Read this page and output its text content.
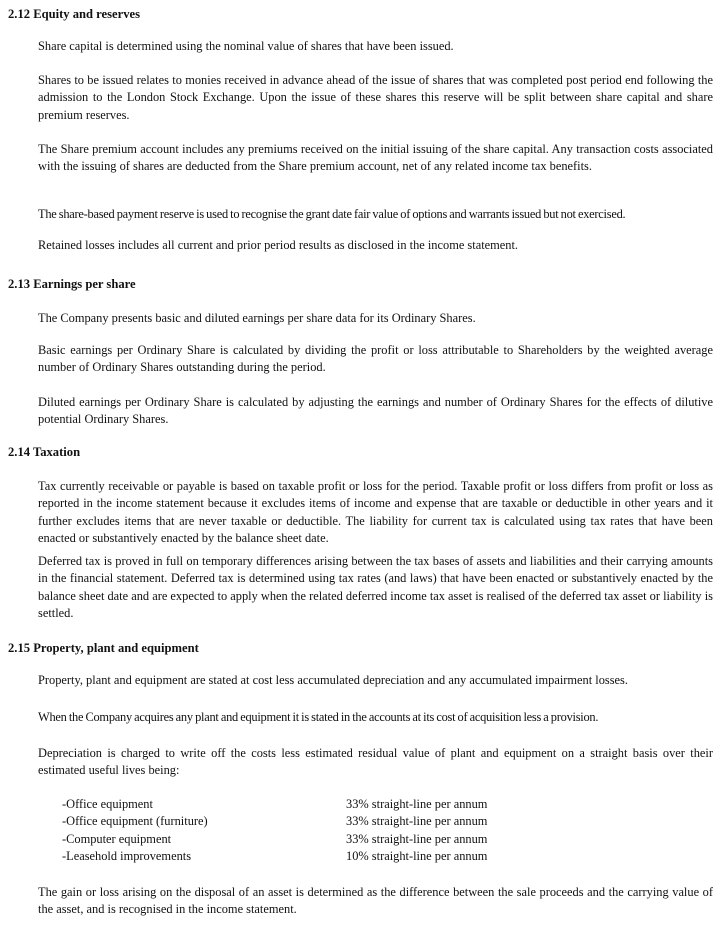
2.12 Equity and reserves

Share capital is determined using the nominal value of shares that have been issued.

Shares to be issued relates to monies received in advance ahead of the issue of shares that was completed post period end following the admission to the London Stock Exchange. Upon the issue of these shares this reserve will be split between share capital and share premium reserves.

The Share premium account includes any premiums received on the initial issuing of the share capital. Any transaction costs associated with the issuing of shares are deducted from the Share premium account, net of any related income tax benefits.

The share-based payment reserve is used to recognise the grant date fair value of options and warrants issued but not exercised.

Retained losses includes all current and prior period results as disclosed in the income statement.

2.13 Earnings per share

The Company presents basic and diluted earnings per share data for its Ordinary Shares.

Basic earnings per Ordinary Share is calculated by dividing the profit or loss attributable to Shareholders by the weighted average number of Ordinary Shares outstanding during the period.

Diluted earnings per Ordinary Share is calculated by adjusting the earnings and number of Ordinary Shares for the effects of dilutive potential Ordinary Shares.

2.14 Taxation

Tax currently receivable or payable is based on taxable profit or loss for the period. Taxable profit or loss differs from profit or loss as reported in the income statement because it excludes items of income and expense that are taxable or deductible in other years and it further excludes items that are never taxable or deductible. The liability for current tax is calculated using tax rates that have been enacted or substantively enacted by the balance sheet date.

Deferred tax is proved in full on temporary differences arising between the tax bases of assets and liabilities and their carrying amounts in the financial statement. Deferred tax is determined using tax rates (and laws) that have been enacted or substantively enacted by the balance sheet date and are expected to apply when the related deferred income tax asset is realised of the deferred tax asset or liability is settled.

2.15 Property, plant and equipment

Property, plant and equipment are stated at cost less accumulated depreciation and any accumulated impairment losses.

When the Company acquires any plant and equipment it is stated in the accounts at its cost of acquisition less a provision.

Depreciation is charged to write off the costs less estimated residual value of plant and equipment on a straight basis over their estimated useful lives being:

-Office equipment	33% straight-line per annum
-Office equipment (furniture)	33% straight-line per annum
-Computer equipment	33% straight-line per annum
-Leasehold improvements	10% straight-line per annum

The gain or loss arising on the disposal of an asset is determined as the difference between the sale proceeds and the carrying value of the asset, and is recognised in the income statement.
